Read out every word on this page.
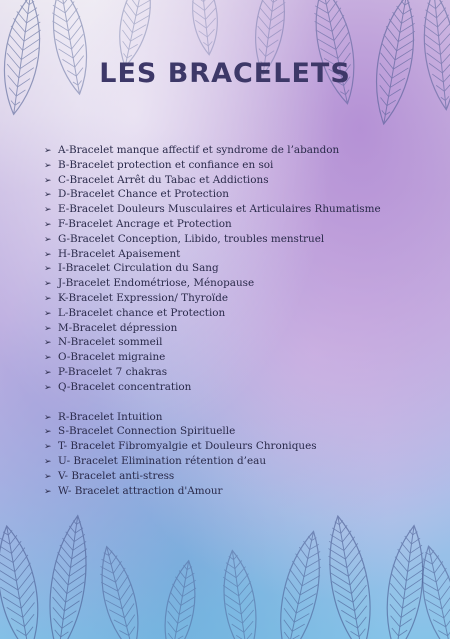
LES BRACELETS
➢ A-Bracelet manque affectif et syndrome de l’abandon
➢ B-Bracelet protection et confiance en soi
➢ C-Bracelet Arrêt du Tabac et Addictions
➢ D-Bracelet Chance et Protection
➢ E-Bracelet Douleurs Musculaires et Articulaires Rhumatisme
➢ F-Bracelet Ancrage et Protection
➢ G-Bracelet Conception, Libido, troubles menstruel
➢ H-Bracelet Apaisement
➢ I-Bracelet Circulation du Sang
➢ J-Bracelet Endométriose, Ménopause
➢ K-Bracelet Expression/ Thyroïde
➢ L-Bracelet chance et Protection
➢ M-Bracelet dépression
➢ N-Bracelet sommeil
➢ O-Bracelet migraine
➢ P-Bracelet 7 chakras
➢ Q-Bracelet concentration
➢ R-Bracelet Intuition
➢ S-Bracelet Connection Spirituelle
➢ T- Bracelet Fibromyalgie et Douleurs Chroniques
➢ U- Bracelet Elimination rétention d’eau
➢ V- Bracelet anti-stress
➢ W- Bracelet attraction d'Amour
